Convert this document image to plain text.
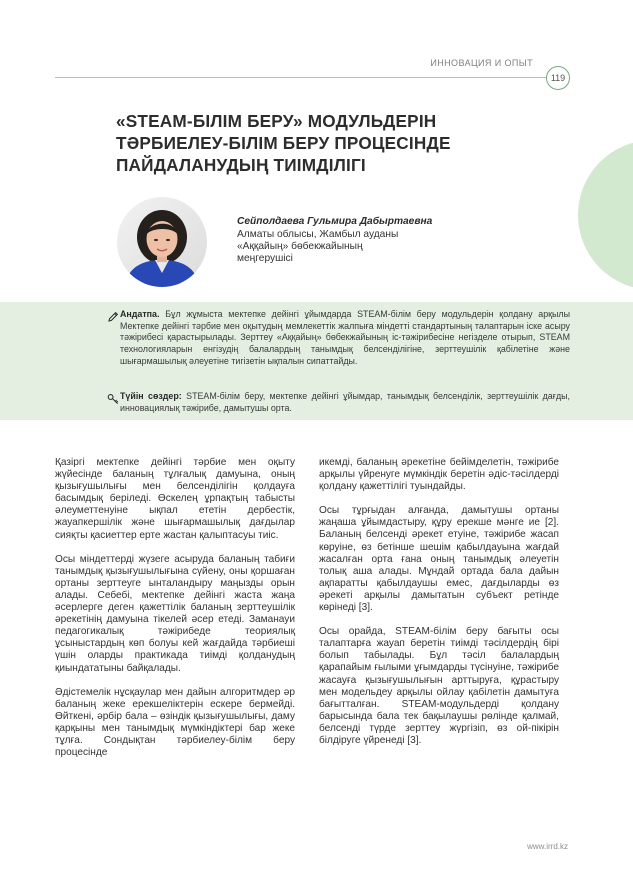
ИННОВАЦИЯ И ОПЫТ
119
«STEAM-БІЛІМ БЕРУ» МОДУЛЬДЕРІН ТӘРБИЕЛЕУ-БІЛІМ БЕРУ ПРОЦЕСІНДЕ ПАЙДАЛАНУДЫҢ ТИІМДІЛІГІ
Сейполдаева Гульмира Дабыртаевна
Алматы облысы, Жамбыл ауданы
«Аққайың» бөбекжайының
меңгерушісі
Андатпа. Бұл жұмыста мектепке дейінгі ұйымдарда STEAM-білім беру модульдерін қолдану арқылы Мектепке дейінгі тәрбие мен оқытудың мемлекеттік жалпыға міндетті стандартының талаптарын іске асыру тәжірибесі қарастырылады. Зерттеу «Аққайың» бөбекжайының іс-тәжірибесіне негізделе отырып, STEAM технологияларын енгізудің балалардың танымдық белсенділігіне, зерттеушілік қабілетіне және шығармашылық әлеуетіне тигізетін ықпалын сипаттайды.
Түйін сөздер: STEAM-білім беру, мектепке дейінгі ұйымдар, танымдық белсенділік, зерттеушілік дағды, инновациялық тәжірибе, дамытушы орта.

Қазіргі мектепке дейінгі тәрбие мен оқыту жүйесінде баланың тұлғалық дамуына, оның қызығушылығы мен белсенділігін қолдауға басымдық беріледі. Өскелең ұрпақтың табысты әлеуметтенуіне ықпал ететін дербестік, жауапкершілік және шығармашылық дағдылар сияқты қасиеттер ерте жастан қалыптасуы тиіс.

Осы міндеттерді жүзеге асыруда баланың табиғи танымдық қызығушылығына сүйену, оны қоршаған ортаны зерттеуге ынталандыру маңызды орын алады. Себебі, мектепке дейінгі жаста жаңа әсерлерге деген қажеттілік баланың зерттеушілік әрекетінің дамуына тікелей әсер етеді. Заманауи педагогикалық тәжірибеде теориялық ұсыныстардың көп болуы кей жағдайда тәрбиеші үшін оларды практикада тиімді қолданудың қиындататыны байқалады.

Әдістемелік нұсқаулар мен дайын алгоритмдер әр баланың жеке ерекшеліктерін ескере бермейді. Өйткені, әрбір бала – өзіндік қызығушылығы, даму қарқыны мен танымдық мүмкіндіктері бар жеке тұлға. Сондықтан тәрбиелеу-білім беру процесінде

икемді, баланың әрекетіне бейімделетін, тәжірибе арқылы үйренуге мүмкіндік беретін әдіс-тәсілдерді қолдану қажеттілігі туындайды.

Осы тұрғыдан алғанда, дамытушы ортаны жаңаша ұйымдастыру, құру ерекше мәнге ие [2]. Баланың белсенді әрекет етуіне, тәжірибе жасап көруіне, өз бетінше шешім қабылдауына жағдай жасалған орта ғана оның танымдық әлеуетін толық аша алады. Мұндай ортада бала дайын ақпаратты қабылдаушы емес, дағдыларды өз әрекеті арқылы дамытатын субъект ретінде көрінеді [3].

Осы орайда, STEAM-білім беру бағыты осы талаптарға жауап беретін тиімді тәсілдердің бірі болып табылады. Бұл тәсіл балалардың қарапайым ғылыми ұғымдарды түсінуіне, тәжірибе жасауға қызығушылығын арттыруға, құрастыру мен модельдеу арқылы ойлау қабілетін дамытуға бағытталған. STEAM-модульдерді қолдану барысында бала тек бақылаушы рөлінде қалмай, белсенді түрде зерттеу жүргізіп, өз ой-пікірін білдіруге үйренеді [3].

www.irrd.kz
